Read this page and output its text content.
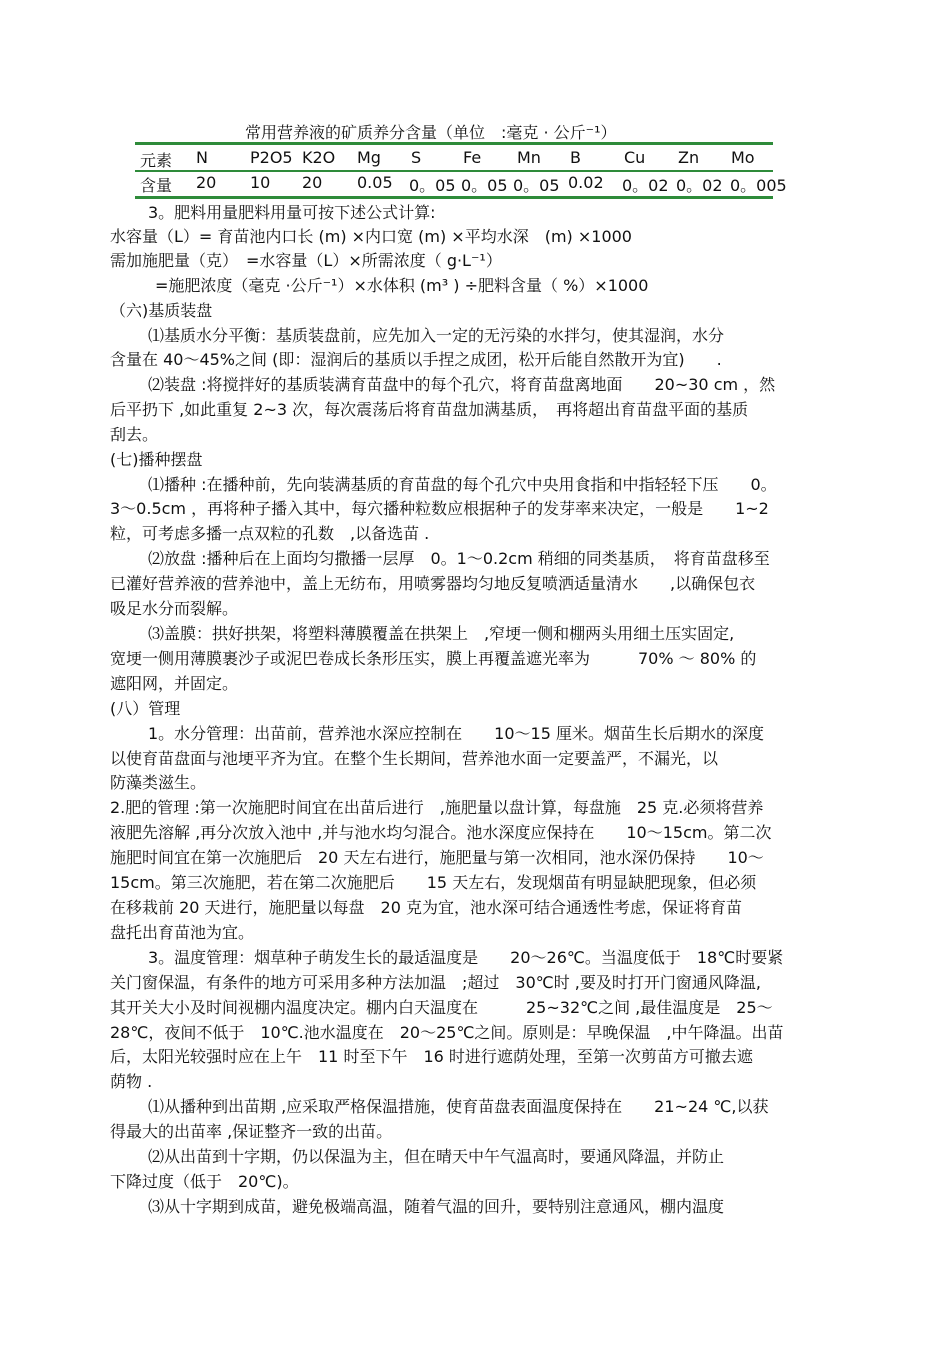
常用营养液的矿质养分含量（单位　:毫克 · 公斤⁻¹）
元素 N	P2O5 K2O Mg S	Fe Mn B	Cu Zn Mo
含量 20 10 20 0.05 0。05 0。05 0。05 0.02 0。02 0。02 0。005
3。肥料用量肥料用量可按下述公式计算:
水容量（L）= 育苗池内口长 (m) ×内口宽 (m) ×平均水深　(m) ×1000
需加施肥量（克）　=水容量（L）×所需浓度（ g·L⁻¹）
=施肥浓度（毫克 ·公斤⁻¹）×水体积 (m³ ) ÷肥料含量（ %）×1000
（六)基质装盘
⑴基质水分平衡：基质装盘前，应先加入一定的无污染的水拌匀，使其湿润，水分
含量在 40～45%之间 (即：湿润后的基质以手捏之成团，松开后能自然散开为宜)　　.
⑵装盘 :将搅拌好的基质装满育苗盘中的每个孔穴，将育苗盘离地面　　20~30 cm ，然
后平扔下 ,如此重复 2~3 次，每次震荡后将育苗盘加满基质，　再将超出育苗盘平面的基质
刮去。
(七)播种摆盘
⑴播种 :在播种前，先向装满基质的育苗盘的每个孔穴中央用食指和中指轻轻下压　　0。
3～0.5cm ，再将种子播入其中，每穴播种粒数应根据种子的发芽率来决定，一般是　　1~2
粒，可考虑多播一点双粒的孔数　,以备选苗 .
⑵放盘 :播种后在上面均匀撒播一层厚　0。1～0.2cm 稍细的同类基质，　将育苗盘移至
已灌好营养液的营养池中，盖上无纺布，用喷雾器均匀地反复喷洒适量清水　　,以确保包衣
吸足水分而裂解。
⑶盖膜：拱好拱架，将塑料薄膜覆盖在拱架上　,窄埂一侧和棚两头用细土压实固定,
宽埂一侧用薄膜裹沙子或泥巴卷成长条形压实，膜上再覆盖遮光率为　　　70% ～ 80% 的
遮阳网，并固定。
(八）管理
1。水分管理：出苗前，营养池水深应控制在　　10～15 厘米。烟苗生长后期水的深度
以使育苗盘面与池埂平齐为宜。在整个生长期间，营养池水面一定要盖严，不漏光，以
防藻类滋生。
2.肥的管理 :第一次施肥时间宜在出苗后进行　,施肥量以盘计算，每盘施　25 克.必须将营养
液肥先溶解 ,再分次放入池中 ,并与池水均匀混合。池水深度应保持在　　10～15cm。第二次
施肥时间宜在第一次施肥后　20 天左右进行，施肥量与第一次相同，池水深仍保持　　10～
15cm。第三次施肥，若在第二次施肥后　　15 天左右，发现烟苗有明显缺肥现象，但必须
在移栽前 20 天进行，施肥量以每盘　20 克为宜，池水深可结合通透性考虑，保证将育苗
盘托出育苗池为宜。
3。温度管理：烟草种子萌发生长的最适温度是　　20～26℃。当温度低于　18℃时要紧
关门窗保温，有条件的地方可采用多种方法加温　;超过　30℃时 ,要及时打开门窗通风降温,
其开关大小及时间视棚内温度决定。棚内白天温度在　　　25~32℃之间 ,最佳温度是　25～
28℃，夜间不低于　10℃.池水温度在　20～25℃之间。原则是：早晚保温　,中午降温。出苗
后，太阳光较强时应在上午　11 时至下午　16 时进行遮荫处理，至第一次剪苗方可撤去遮
荫物 .
⑴从播种到出苗期 ,应采取严格保温措施，使育苗盘表面温度保持在　　21~24 ℃,以获
得最大的出苗率 ,保证整齐一致的出苗。
⑵从出苗到十字期，仍以保温为主，但在晴天中午气温高时，要通风降温，并防止
下降过度（低于　20℃)。
⑶从十字期到成苗，避免极端高温，随着气温的回升，要特别注意通风，棚内温度
